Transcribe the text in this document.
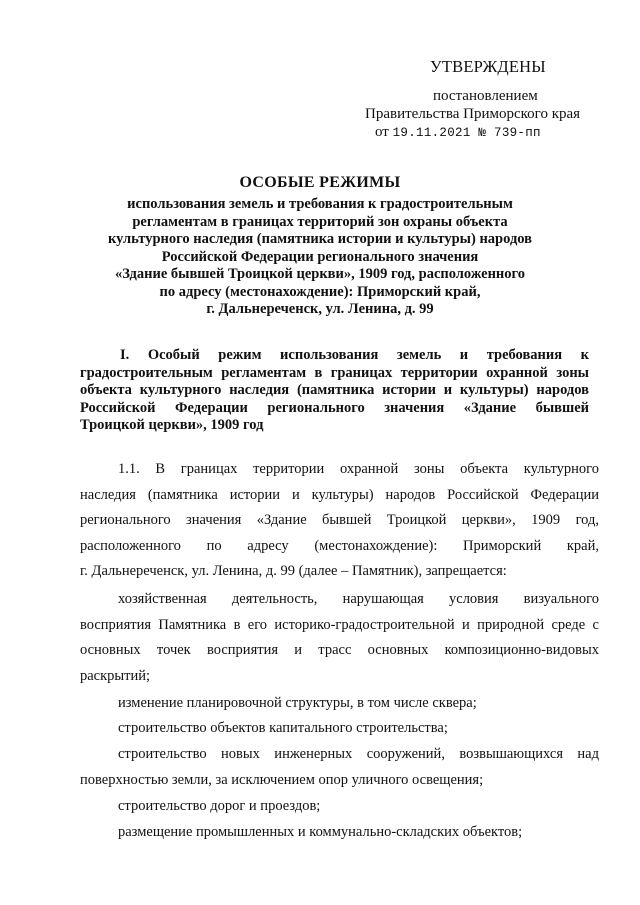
УТВЕРЖДЕНЫ
постановлением
Правительства Приморского края
от 19.11.2021 № 739-пп
ОСОБЫЕ РЕЖИМЫ
использования земель и требования к градостроительным
регламентам в границах территорий зон охраны объекта
культурного наследия (памятника истории и культуры) народов
Российской Федерации регионального значения
«Здание бывшей Троицкой церкви», 1909 год, расположенного
по адресу (местонахождение): Приморский край,
г. Дальнереченск, ул. Ленина, д. 99
I. Особый режим использования земель и требования к
градостроительным регламентам в границах территории охранной зоны
объекта культурного наследия (памятника истории и культуры) народов
Российской Федерации регионального значения «Здание бывшей
Троицкой церкви», 1909 год
1.1. В границах территории охранной зоны объекта культурного
наследия (памятника истории и культуры) народов Российской Федерации
регионального значения «Здание бывшей Троицкой церкви», 1909 год,
расположенного по адресу (местонахождение): Приморский край,
г. Дальнереченск, ул. Ленина, д. 99 (далее – Памятник), запрещается:
хозяйственная деятельность, нарушающая условия визуального
восприятия Памятника в его историко-градостроительной и природной среде с
основных точек восприятия и трасс основных композиционно-видовых
раскрытий;
изменение планировочной структуры, в том числе сквера;
строительство объектов капитального строительства;
строительство новых инженерных сооружений, возвышающихся над
поверхностью земли, за исключением опор уличного освещения;
строительство дорог и проездов;
размещение промышленных и коммунально-складских объектов;
